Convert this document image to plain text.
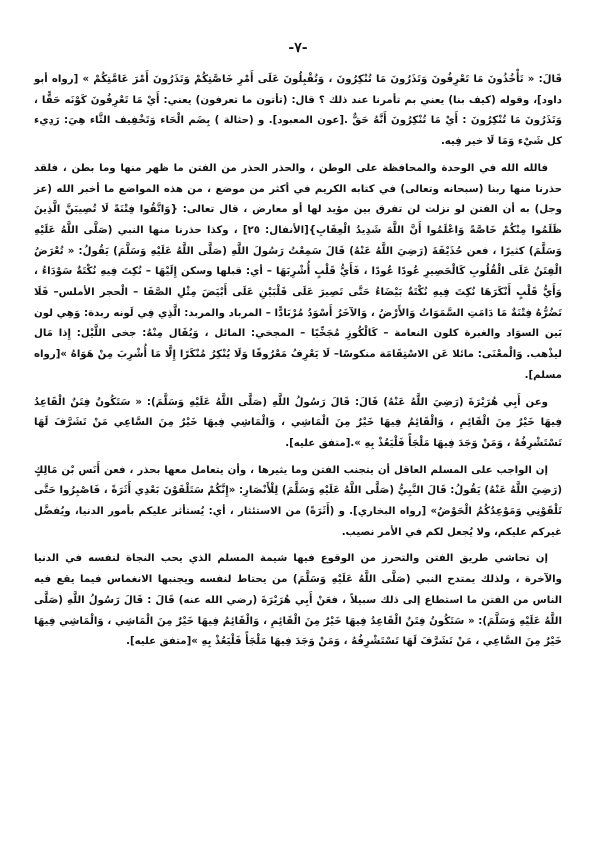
-٧-

قَالَ: « تَأْخُذُونَ مَا تَعْرِفُونَ وَتَذَرُونَ مَا تُنْكِرُونَ ، وَتُقْبِلُونَ عَلَى أَمْرِ خَاصَّتِكُمْ وَتَذَرُونَ أَمْرَ عَامَّتِكُمْ » [رواه أبو داود]، وقوله (كيف بنا) يعني بم تأمرنا عند ذلك ؟ قال: (تأتون ما تعرفون) يعني: أَيْ مَا تَعْرِفُونَ كَوْنَه حَقًّا ، وَتَذَرُونَ مَا تُنْكِرُونَ : أَيْ مَا تُنْكِرُونَ أَنَّهُ حَقٌّ .[عون المعبود]. و (حثالة ) بِضَم الْحَاء وَتَخْفِيف الثَّاء هِيَ: رَدِيء كل شَيْء وَمَا لَا خير فِيه.

فالله الله في الوحدة والمحافظة على الوطن ، والحذر الحذر من الفتن ما ظهر منها وما بطن ، فلقد حذرنا منها ربنا (سبحانه وتعالى) في كتابه الكريم في أكثر من موضع ، من هذه المواضع ما أخبر الله (عز وجل) به أن الفتن لو نزلت لن تفرق بين مؤيد لها أو معارض ، قال تعالى: {وَاتَّقُوا فِتْنَةً لَا تُصِيبَنَّ الَّذِينَ ظَلَمُوا مِنْكُمْ خَاصَّةً وَاعْلَمُوا أَنَّ اللَّهَ شَدِيدُ الْعِقَابِ}[الأنفال: ٢٥] ، وكذا حذرنا منها النبي (صَلَّى اللَّهُ عَلَيْهِ وَسَلَّمَ) كثيرًا ، فعن حُذَيْفَةَ (رَضِيَ اللَّهُ عَنْهُ) قَالَ سَمِعْتُ رَسُولَ اللَّهِ (صَلَّى اللَّهُ عَلَيْهِ وَسَلَّمَ) يَقُولُ: « تُعْرَضُ الْفِتَنُ عَلَى الْقُلُوبِ كَالْحَصِيرِ عُودًا عُودًا ، فَأَيُّ قَلْبٍ أُشْرِبَهَا – أي: قبلها وسكن إِلَيْهَا – نُكِتَ فِيهِ نُكْتَةٌ سَوْدَاءُ ، وَأَيُّ قَلْبٍ أَنْكَرَهَا نُكِتَ فِيهِ نُكْتَةٌ بَيْضَاءُ حَتَّى تَصِيرَ عَلَى قَلْبَيْنِ عَلَى أَبْيَضَ مِثْلِ الصَّفَا – الْحجر الأملس– فَلَا تَضُرُّهُ فِتْنَةٌ مَا دَامَتِ السَّمَوَاتُ وَالأَرْضُ ، وَالآخَرُ أَسْوَدُ مُرْبَادًّا – المرباد والمربد: الَّذِي فِي لَونه ربدة: وَهِي لون بَين السوَاد والغبرة كلون النعامة – كَالْكُوزِ مُجَخِّيًا – المجخي: المائل ، وَيُقَال مِنْهُ: جخى اللَّيْل: إِذا مَال ليذْهب. وَالْمعْنَى: مائلا عَن الاسْتِقَامَة منكوسًا– لَا يَعْرِفُ مَعْرُوفًا وَلَا يُنْكِرُ مُنْكَرًا إِلَّا مَا أُشْرِبَ مِنْ هَوَاهُ »[رواه مسلم].

وعن أَبِي هُرَيْرَةَ (رَضِيَ اللَّهُ عَنْهُ) قَالَ: قَالَ رَسُولُ اللَّهِ (صَلَّى اللَّهُ عَلَيْهِ وَسَلَّمَ): « سَتَكُونُ فِتَنٌ الْقَاعِدُ فِيهَا خَيْرٌ مِنَ الْقَائِمِ ، وَالْقَائِمُ فِيهَا خَيْرٌ مِنَ الْمَاشِي ، وَالْمَاشِي فِيهَا خَيْرٌ مِنَ السَّاعِي مَنْ تَشَرَّفَ لَهَا تَسْتَشْرِفُهُ ، وَمَنْ وَجَدَ فِيهَا مَلْجَأً فَلْيَعُذْ بِهِ ».[متفق عليه].

إن الواجب على المسلم العاقل أن يتجنب الفتن وما يثيرها ، وأن يتعامل معها بحذر ، فعن أَنَس بْن مَالِكٍ (رَضِيَ اللَّهُ عَنْهُ) يَقُولُ: قَالَ النَّبِيُّ (صَلَّى اللَّهُ عَلَيْهِ وَسَلَّمَ) لِلْأَنْصَارِ: «إِنَّكُمْ سَتَلْقَوْنَ بَعْدِي أَثَرَةً ، فَاصْبِرُوا حَتَّى تَلْقَوْنِي وَمَوْعِدُكُمُ الْحَوْضُ» [رواه البخاري]. و (أَثَرَةً) من الاستئثار ، أي: يُستأثر عليكم بأمور الدنيا، ويُفضَّل غيركم عليكم، ولا يُجعل لكم في الأمر نصيب.

إن تحاشي طريق الفتن والتحرز من الوقوع فيها شيمة المسلم الذي يحب النجاة لنفسه في الدنيا والآخرة ، ولذلك يمتدح النبي (صَلَّى اللَّهُ عَلَيْهِ وَسَلَّمَ) من يحتاط لنفسه ويجنبها الانغماس فيما يقع فيه الناس من الفتن ما استطاع إلى ذلك سبيلاً ، فعَنْ أَبِي هُرَيْرَةَ (رضي الله عنه) قَالَ : قَالَ رَسُولُ اللَّهِ (صَلَّى اللَّهُ عَلَيْهِ وَسَلَّمَ): « سَتَكُونُ فِتَنٌ الْقَاعِدُ فِيهَا خَيْرٌ مِنَ الْقَائِمِ ، وَالْقَائِمُ فِيهَا خَيْرٌ مِنَ الْمَاشِي ، وَالْمَاشِي فِيهَا خَيْرٌ مِنَ السَّاعِي ، مَنْ تَشَرَّفَ لَهَا تَسْتَشْرِفُهُ ، وَمَنْ وَجَدَ فِيهَا مَلْجَأً فَلْيَعُذْ بِهِ »[متفق عليه].
